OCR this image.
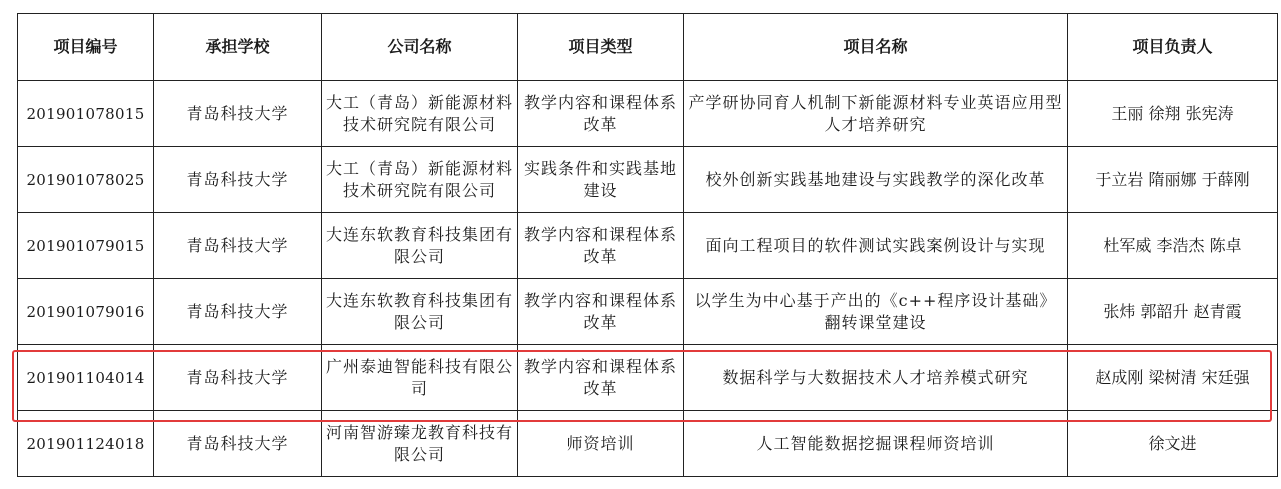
项目编号	承担学校	公司名称	项目类型	项目名称	项目负责人
201901078015	青岛科技大学	大工（青岛）新能源材料技术研究院有限公司	教学内容和课程体系改革	产学研协同育人机制下新能源材料专业英语应用型人才培养研究	王丽 徐翔 张宪涛
201901078025	青岛科技大学	大工（青岛）新能源材料技术研究院有限公司	实践条件和实践基地建设	校外创新实践基地建设与实践教学的深化改革	于立岩 隋丽娜 于薛刚
201901079015	青岛科技大学	大连东软教育科技集团有限公司	教学内容和课程体系改革	面向工程项目的软件测试实践案例设计与实现	杜军威 李浩杰 陈卓
201901079016	青岛科技大学	大连东软教育科技集团有限公司	教学内容和课程体系改革	以学生为中心基于产出的《c++程序设计基础》翻转课堂建设	张炜 郭韶升 赵青霞
201901104014	青岛科技大学	广州泰迪智能科技有限公司	教学内容和课程体系改革	数据科学与大数据技术人才培养模式研究	赵成刚 梁树清 宋廷强
201901124018	青岛科技大学	河南智游臻龙教育科技有限公司	师资培训	人工智能数据挖掘课程师资培训	徐文进
